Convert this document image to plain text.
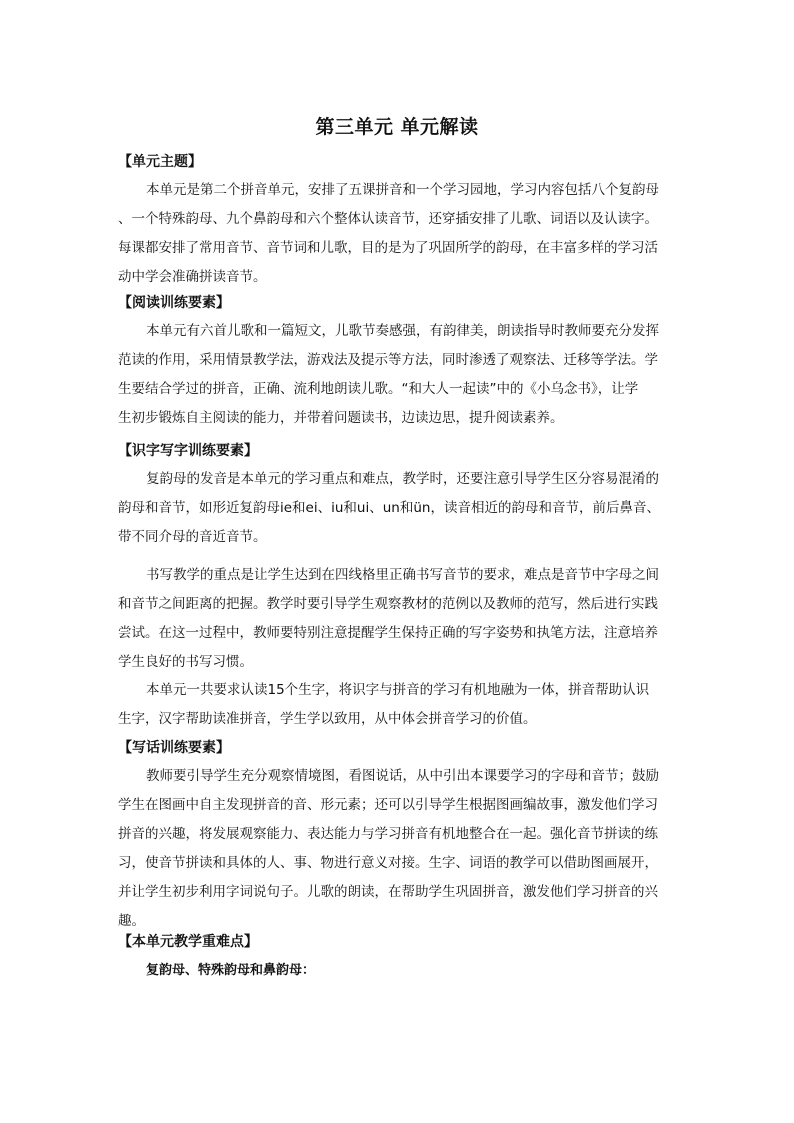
第三单元 单元解读
【单元主题】
本单元是第二个拼音单元，安排了五课拼音和一个学习园地，学习内容包括八个复韵母
、一个特殊韵母、九个鼻韵母和六个整体认读音节，还穿插安排了儿歌、词语以及认读字。
每课都安排了常用音节、音节词和儿歌，目的是为了巩固所学的韵母，在丰富多样的学习活
动中学会准确拼读音节。
【阅读训练要素】
本单元有六首儿歌和一篇短文，儿歌节奏感强，有韵律美，朗读指导时教师要充分发挥
范读的作用，采用情景教学法，游戏法及提示等方法，同时渗透了观察法、迁移等学法。学
生要结合学过的拼音，正确、流利地朗读儿歌。“和大人一起读”中的《小乌念书》，让学
生初步锻炼自主阅读的能力，并带着问题读书，边读边思，提升阅读素养。
【识字写字训练要素】
复韵母的发音是本单元的学习重点和难点，教学时，还要注意引导学生区分容易混淆的
韵母和音节，如形近复韵母ie和ei、iu和ui、un和ün，读音相近的韵母和音节，前后鼻音、
带不同介母的音近音节。
书写教学的重点是让学生达到在四线格里正确书写音节的要求，难点是音节中字母之间
和音节之间距离的把握。教学时要引导学生观察教材的范例以及教师的范写，然后进行实践
尝试。在这一过程中，教师要特别注意提醒学生保持正确的写字姿势和执笔方法，注意培养
学生良好的书写习惯。
本单元一共要求认读15个生字，将识字与拼音的学习有机地融为一体，拼音帮助认识
生字，汉字帮助读准拼音，学生学以致用，从中体会拼音学习的价值。
【写话训练要素】
教师要引导学生充分观察情境图，看图说话，从中引出本课要学习的字母和音节；鼓励
学生在图画中自主发现拼音的音、形元素；还可以引导学生根据图画编故事，激发他们学习
拼音的兴趣，将发展观察能力、表达能力与学习拼音有机地整合在一起。强化音节拼读的练
习，使音节拼读和具体的人、事、物进行意义对接。生字、词语的教学可以借助图画展开，
并让学生初步利用字词说句子。儿歌的朗读，在帮助学生巩固拼音，激发他们学习拼音的兴
趣。
【本单元教学重难点】
复韵母、特殊韵母和鼻韵母：
